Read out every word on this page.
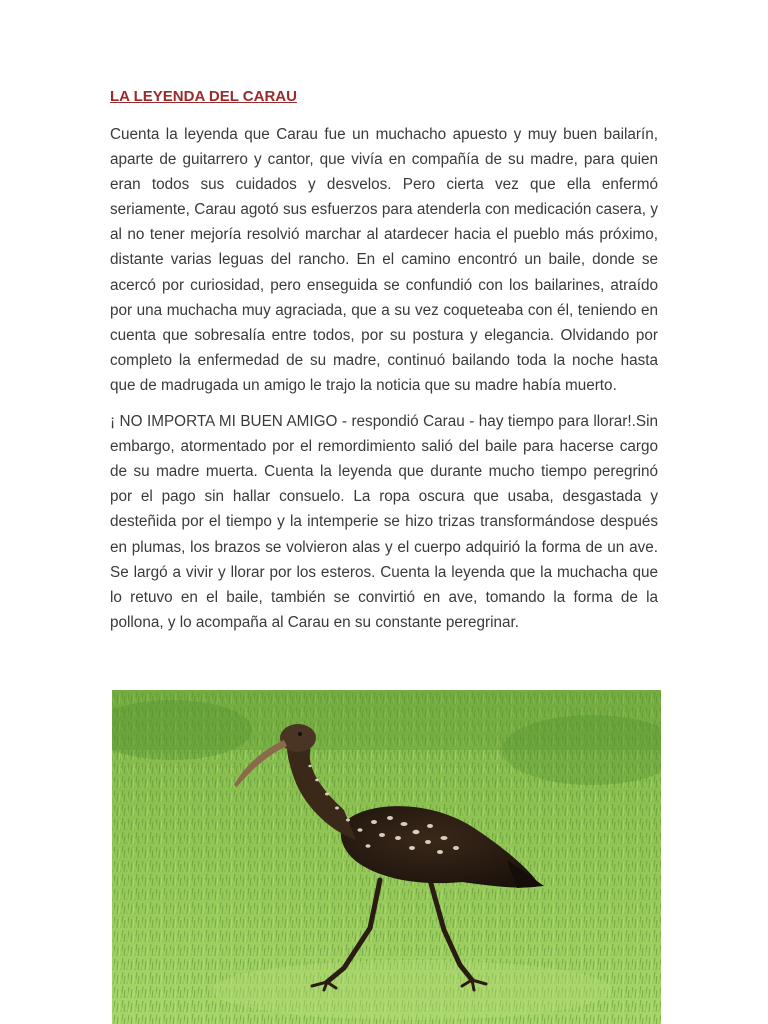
LA LEYENDA DEL CARAU

Cuenta la leyenda que Carau fue un muchacho apuesto y muy buen bailarín, aparte de guitarrero y cantor, que vivía en compañía de su madre, para quien eran todos sus cuidados y desvelos. Pero cierta vez que ella enfermó seriamente, Carau agotó sus esfuerzos para atenderla con medicación casera, y al no tener mejoría resolvió marchar al atardecer hacia el pueblo más próximo, distante varias leguas del rancho. En el camino encontró un baile, donde se acercó por curiosidad, pero enseguida se confundió con los bailarines, atraído por una muchacha muy agraciada, que a su vez coqueteaba con él, teniendo en cuenta que sobresalía entre todos, por su postura y elegancia. Olvidando por completo la enfermedad de su madre, continuó bailando toda la noche hasta que de madrugada un amigo le trajo la noticia que su madre había muerto.

¡ NO IMPORTA MI BUEN AMIGO - respondió Carau - hay tiempo para llorar!.Sin embargo, atormentado por el remordimiento salió del baile para hacerse cargo de su madre muerta. Cuenta la leyenda que durante mucho tiempo peregrinó por el pago sin hallar consuelo. La ropa oscura que usaba, desgastada y desteñida por el tiempo y la intemperie se hizo trizas transformándose después en plumas, los brazos se volvieron alas y el cuerpo adquirió la forma de un ave. Se largó a vivir y llorar por los esteros. Cuenta la leyenda que la muchacha que lo retuvo en el baile, también se convirtió en ave, tomando la forma de la pollona, y lo acompaña al Carau en su constante peregrinar.
